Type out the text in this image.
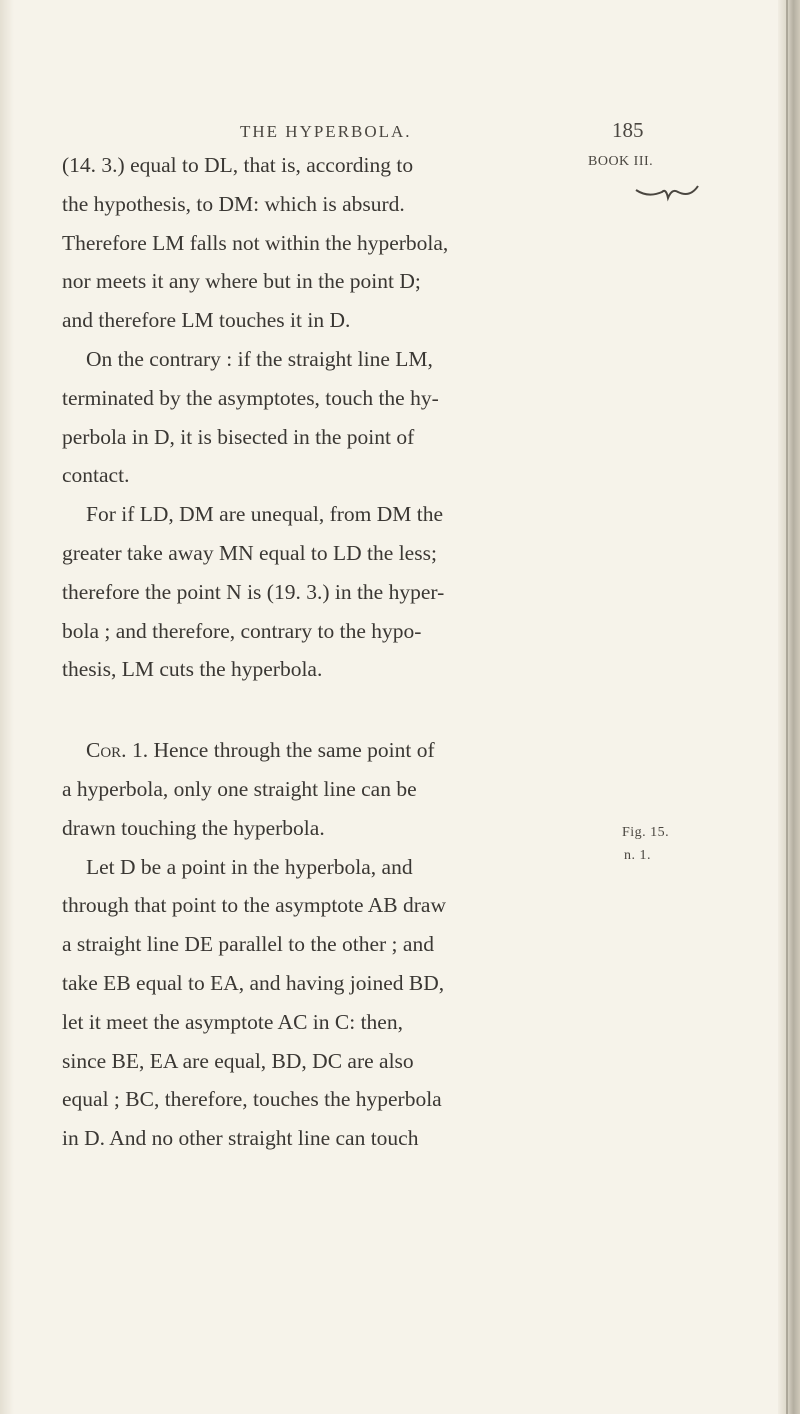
THE HYPERBOLA.	185
BOOK III.
Fig. 15.
n. 1.
(14. 3.) equal to DL, that is, according to
the hypothesis, to DM: which is absurd.
Therefore LM falls not within the hyperbola,
nor meets it any where but in the point D;
and therefore LM touches it in D.
On the contrary : if the straight line LM,
terminated by the asymptotes, touch the hy-
perbola in D, it is bisected in the point of
contact.
For if LD, DM are unequal, from DM the
greater take away MN equal to LD the less;
therefore the point N is (19. 3.) in the hyper-
bola ; and therefore, contrary to the hypo-
thesis, LM cuts the hyperbola.
Cor. 1. Hence through the same point of
a hyperbola, only one straight line can be
drawn touching the hyperbola.
Let D be a point in the hyperbola, and
through that point to the asymptote AB draw
a straight line DE parallel to the other ; and
take EB equal to EA, and having joined BD,
let it meet the asymptote AC in C: then,
since BE, EA are equal, BD, DC are also
equal ; BC, therefore, touches the hyperbola
in D. And no other straight line can touch
